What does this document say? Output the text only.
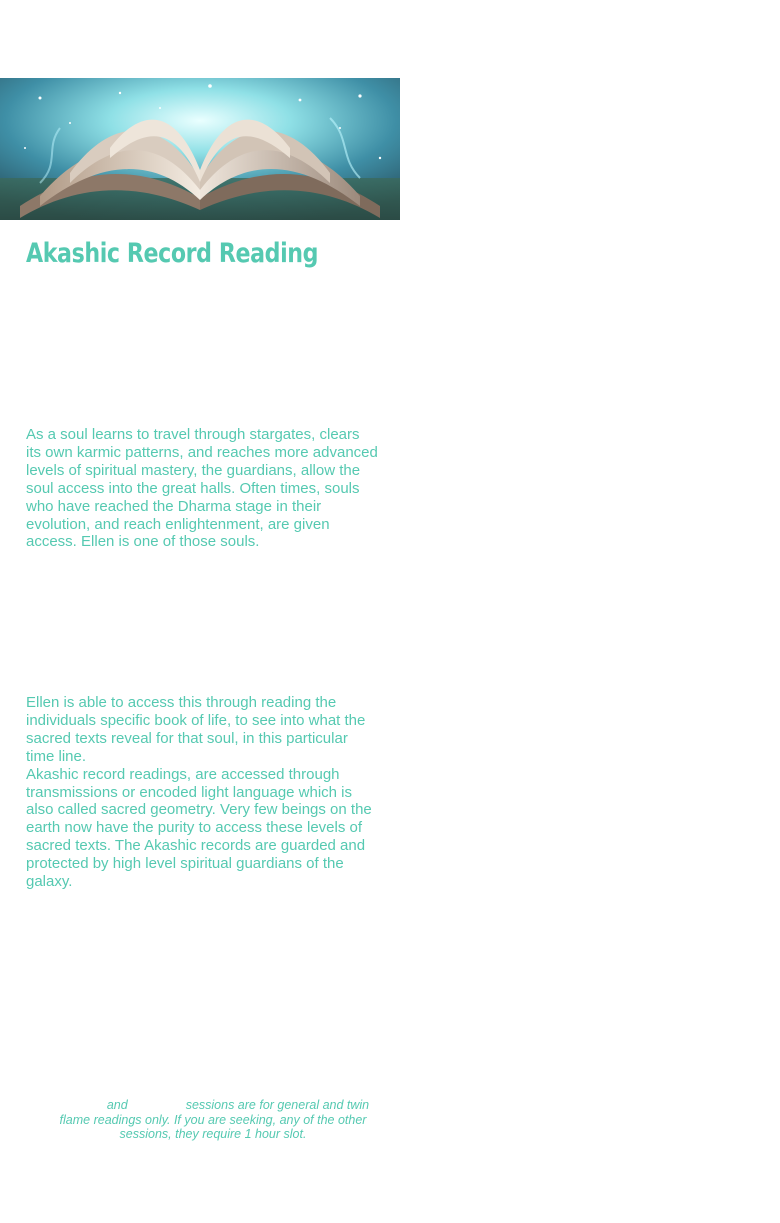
Akashic Record Reading

As a soul learns to travel through stargates, clears its own karmic patterns, and reaches more advanced levels of spiritual mastery, the guardians, allow the soul access into the great halls. Often times, souls who have reached the Dharma stage in their evolution, and reach enlightenment, are given access. Ellen is one of those souls.

Ellen is able to access this through reading the individuals specific book of life, to see into what the sacred texts reveal for that soul, in this particular time line.
Akashic record readings, are accessed through transmissions or encoded light language which is also called sacred geometry. Very few beings on the earth now have the purity to access these levels of sacred texts. The Akashic records are guarded and protected by high level spiritual guardians of the galaxy.

and	sessions are for general and twin flame readings only. If you are seeking, any of the other sessions, they require 1 hour slot.
